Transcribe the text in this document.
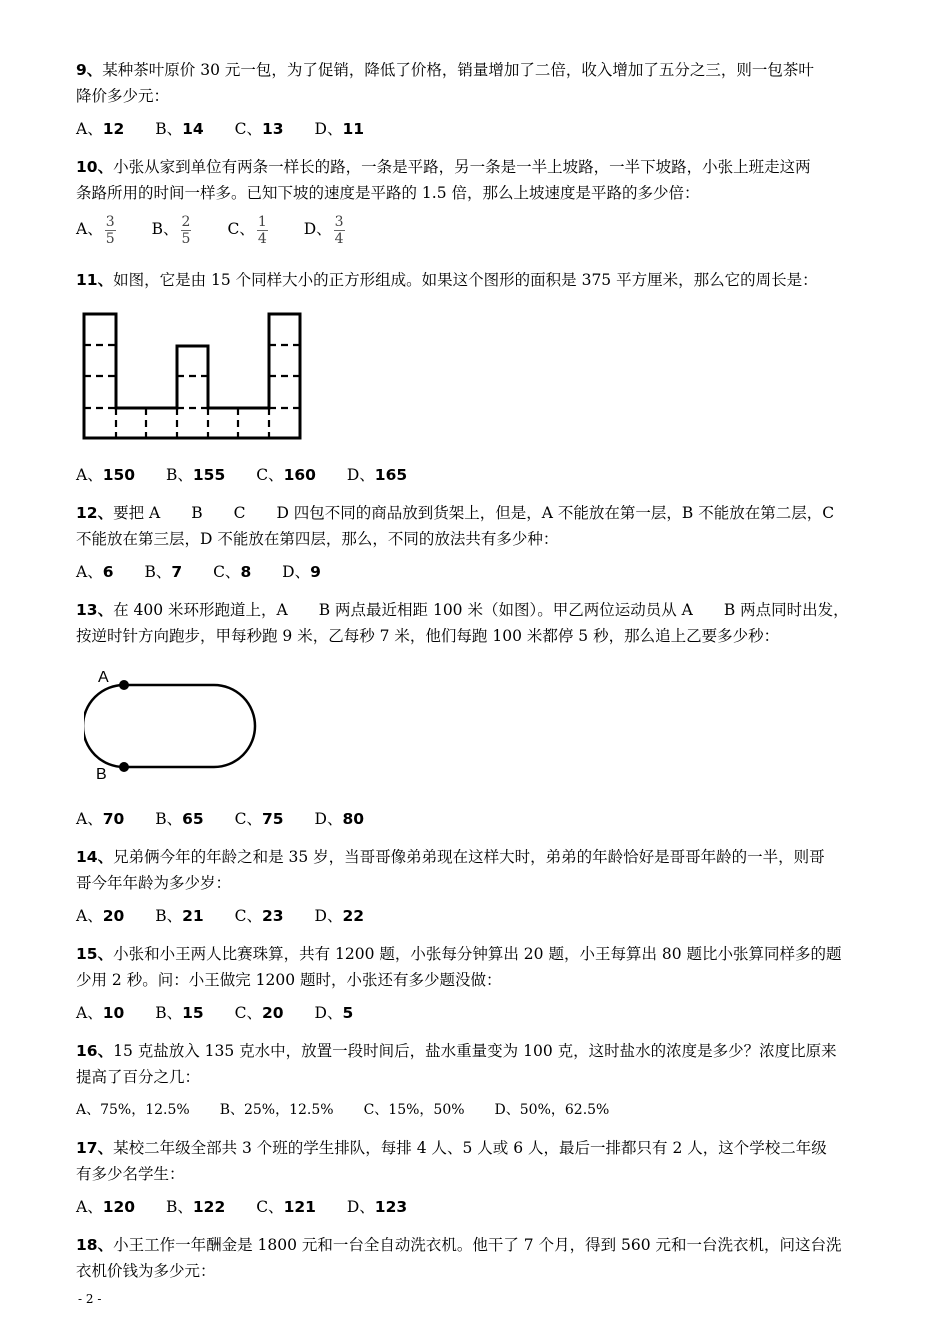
9、某种茶叶原价 30 元一包，为了促销，降低了价格，销量增加了二倍，收入增加了五分之三，则一包茶叶
降价多少元：
A、12 B、14 C、13 D、11
10、小张从家到单位有两条一样长的路，一条是平路，另一条是一半上坡路，一半下坡路，小张上班走这两
条路所用的时间一样多。已知下坡的速度是平路的 1.5 倍，那么上坡速度是平路的多少倍：
A、 $\frac{3}{5}$ B、 $\frac{2}{5}$ C、 $\frac{1}{4}$ D、 $\frac{3}{4}$
11、如图，它是由 15 个同样大小的正方形组成。如果这个图形的面积是 375 平方厘米，那么它的周长是：
A、150 B、155 C、160 D、165
12、要把 A　　B　　C　　D 四包不同的商品放到货架上，但是，A 不能放在第一层，B 不能放在第二层，C
不能放在第三层，D 不能放在第四层，那么，不同的放法共有多少种：
A、6 B、7 C、8 D、9
13、在 400 米环形跑道上，A　　B 两点最近相距 100 米（如图）。甲乙两位运动员从 A　　B 两点同时出发，
按逆时针方向跑步，甲每秒跑 9 米，乙每秒 7 米，他们每跑 100 米都停 5 秒，那么追上乙要多少秒：
A
B
A、70 B、65 C、75 D、80
14、兄弟俩今年的年龄之和是 35 岁，当哥哥像弟弟现在这样大时，弟弟的年龄恰好是哥哥年龄的一半，则哥
哥今年年龄为多少岁：
A、20 B、21 C、23 D、22
15、小张和小王两人比赛珠算，共有 1200 题，小张每分钟算出 20 题，小王每算出 80 题比小张算同样多的题
少用 2 秒。问：小王做完 1200 题时，小张还有多少题没做：
A、10 B、15 C、20 D、5
16、15 克盐放入 135 克水中，放置一段时间后，盐水重量变为 100 克，这时盐水的浓度是多少？浓度比原来
提高了百分之几：
A、75%，12.5% B、25%，12.5% C、15%，50% D、50%，62.5%
17、某校二年级全部共 3 个班的学生排队，每排 4 人、5 人或 6 人，最后一排都只有 2 人，这个学校二年级
有多少名学生：
A、120 B、122 C、121 D、123
18、小王工作一年酬金是 1800 元和一台全自动洗衣机。他干了 7 个月，得到 560 元和一台洗衣机，问这台洗
衣机价钱为多少元：
- 2 -
